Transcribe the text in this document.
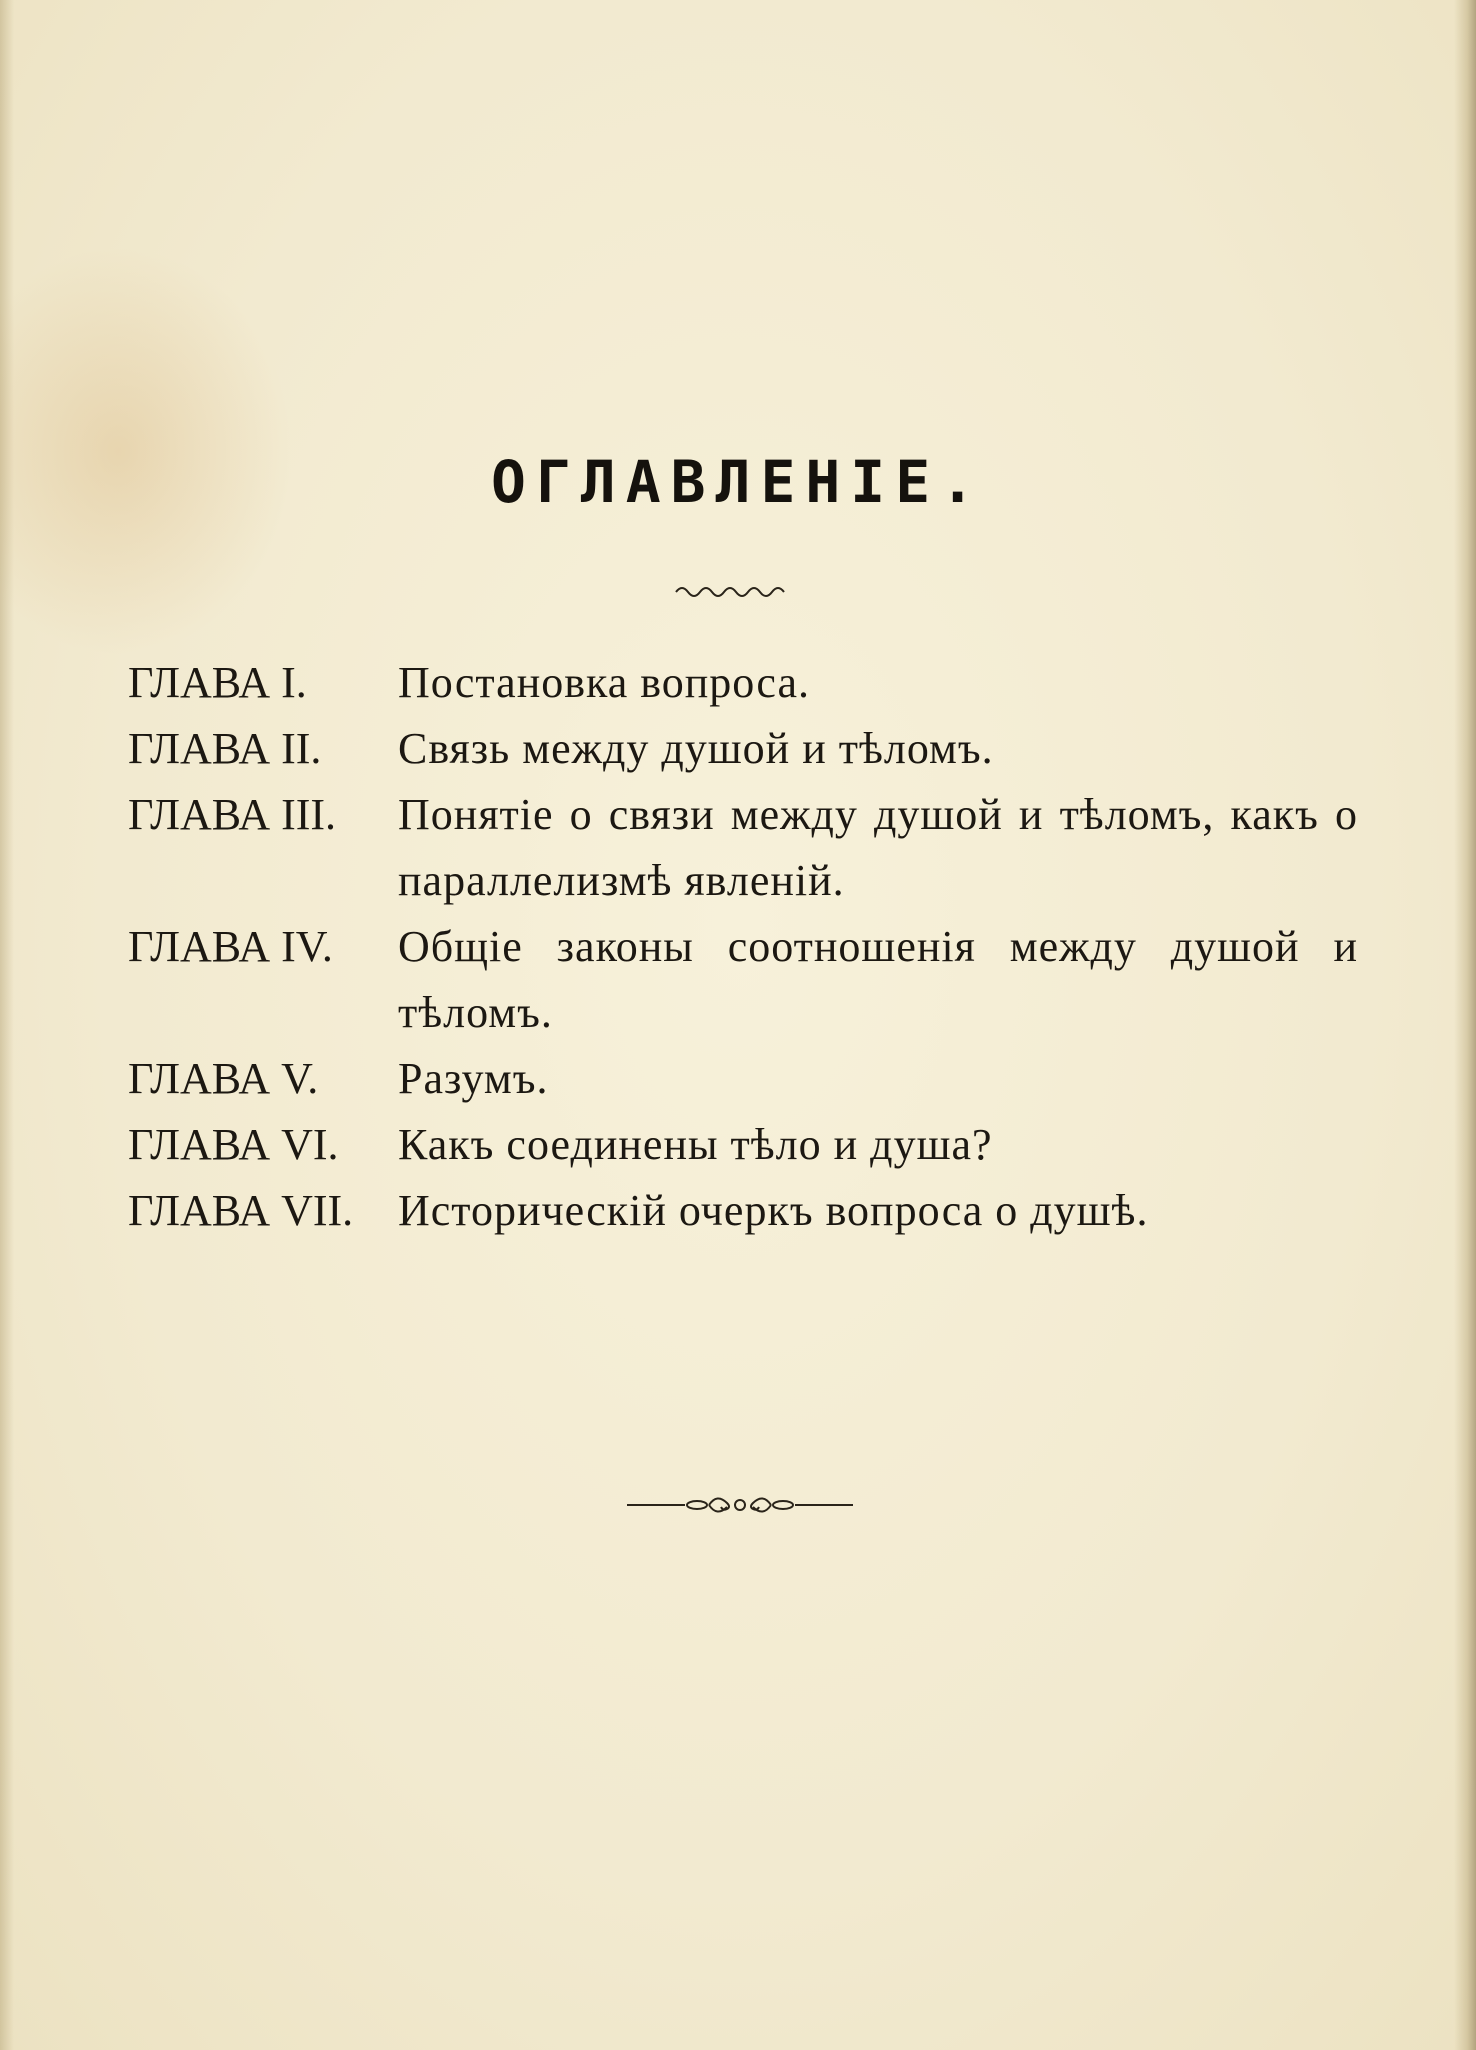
ОГЛАВЛЕНІЕ.
ГЛАВА I.	Постановка вопроса.
ГЛАВА II.	Связь между душой и тѣломъ.
ГЛАВА III.	Понятіе о связи между душой и тѣломъ, какъ о параллелизмѣ явленій.
ГЛАВА IV.	Общіе законы соотношенія между душой и тѣломъ.
ГЛАВА V.	Разумъ.
ГЛАВА VI.	Какъ соединены тѣло и душа?
ГЛАВА VII.	Историческій очеркъ вопроса о душѣ.
